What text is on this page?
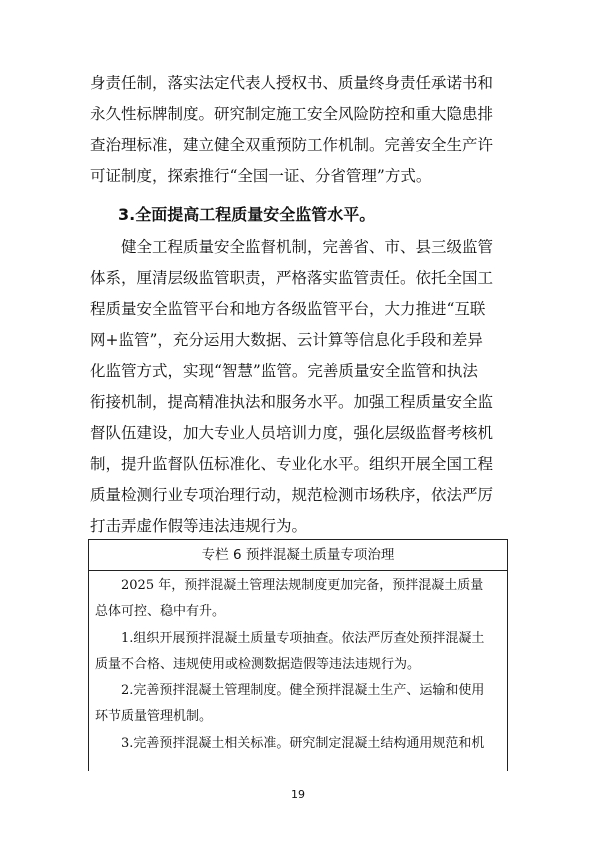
身责任制，落实法定代表人授权书、质量终身责任承诺书和
永久性标牌制度。研究制定施工安全风险防控和重大隐患排
查治理标准，建立健全双重预防工作机制。完善安全生产许
可证制度，探索推行“全国一证、分省管理”方式。
3.全面提高工程质量安全监管水平。
健全工程质量安全监督机制，完善省、市、县三级监管
体系，厘清层级监管职责，严格落实监管责任。依托全国工
程质量安全监管平台和地方各级监管平台，大力推进“互联
网+监管”，充分运用大数据、云计算等信息化手段和差异
化监管方式，实现“智慧”监管。完善质量安全监管和执法
衔接机制，提高精准执法和服务水平。加强工程质量安全监
督队伍建设，加大专业人员培训力度，强化层级监督考核机
制，提升监督队伍标准化、专业化水平。组织开展全国工程
质量检测行业专项治理行动，规范检测市场秩序，依法严厉
打击弄虚作假等违法违规行为。
专栏 6 预拌混凝土质量专项治理
2025 年，预拌混凝土管理法规制度更加完备，预拌混凝土质量
总体可控、稳中有升。
1.组织开展预拌混凝土质量专项抽查。依法严厉查处预拌混凝土
质量不合格、违规使用或检测数据造假等违法违规行为。
2.完善预拌混凝土管理制度。健全预拌混凝土生产、运输和使用
环节质量管理机制。
3.完善预拌混凝土相关标准。研究制定混凝土结构通用规范和机
19
